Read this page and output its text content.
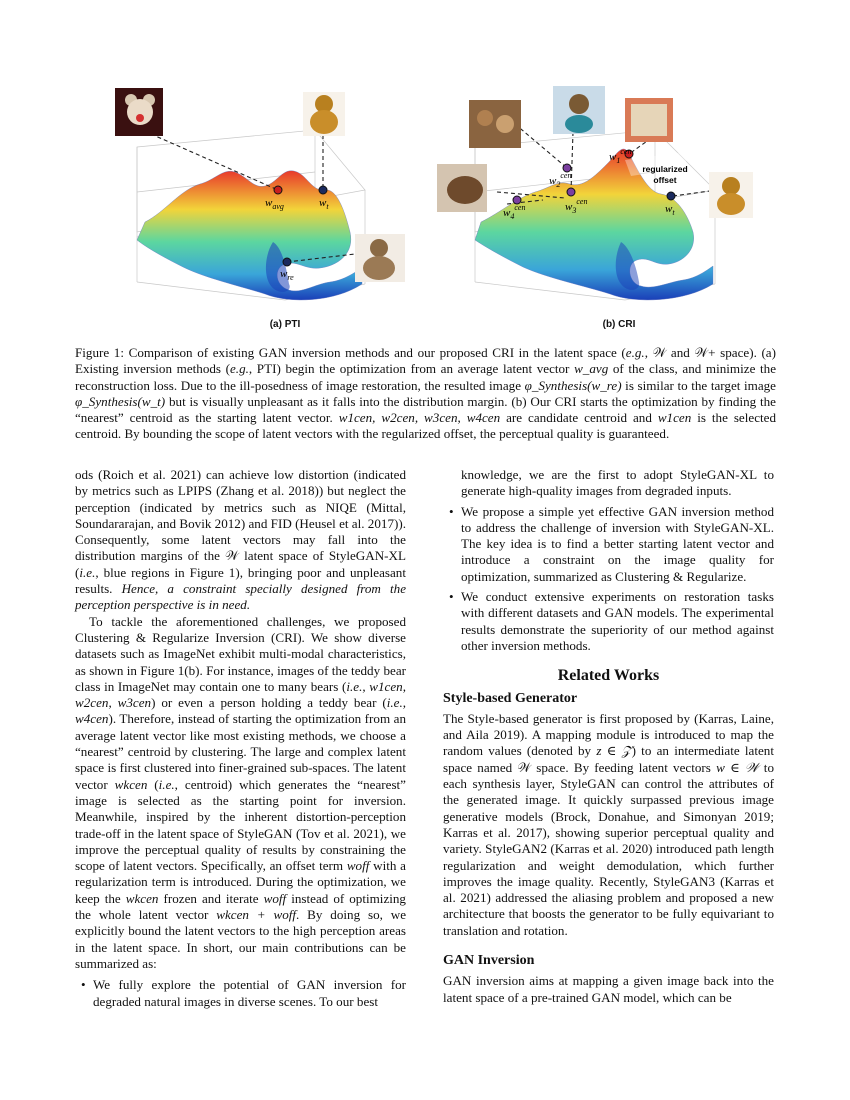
$w_{avg}$	$w_t$
$w_{re}$
(a) PTI
$w_1^{cen}$
$w_2^{cen}$
$w_3^{cen}$
$w_4^{cen}$	$w_t$
regularized
offset
(b) CRI

Figure 1: Comparison of existing GAN inversion methods and our proposed CRI in the latent space (e.g., 𝒲 and 𝒲+ space). (a) Existing inversion methods (e.g., PTI) begin the optimization from an average latent vector w_avg of the class, and minimize the reconstruction loss. Due to the ill-posedness of image restoration, the resulted image φ_Synthesis(w_re) is similar to the target image φ_Synthesis(w_t) but is visually unpleasant as it falls into the distribution margin. (b) Our CRI starts the optimization by finding the “nearest” centroid as the starting latent vector. w1cen, w2cen, w3cen, w4cen are candidate centroid and w1cen is the selected centroid. By bounding the scope of latent vectors with the regularized offset, the perceptual quality is guaranteed.

ods (Roich et al. 2021) can achieve low distortion (indicated by metrics such as LPIPS (Zhang et al. 2018)) but neglect the perception (indicated by metrics such as NIQE (Mittal, Soundararajan, and Bovik 2012) and FID (Heusel et al. 2017)). Consequently, some latent vectors may fall into the distribution margins of the 𝒲 latent space of StyleGAN-XL (i.e., blue regions in Figure 1), bringing poor and unpleasant results. Hence, a constraint specially designed from the perception perspective is in need.

To tackle the aforementioned challenges, we proposed Clustering & Regularize Inversion (CRI). We show diverse datasets such as ImageNet exhibit multi-modal characteristics, as shown in Figure 1(b). For instance, images of the teddy bear class in ImageNet may contain one to many bears (i.e., w1cen, w2cen, w3cen) or even a person holding a teddy bear (i.e., w4cen). Therefore, instead of starting the optimization from an average latent vector like most existing methods, we choose a “nearest” centroid by clustering. The large and complex latent space is first clustered into finer-grained sub-spaces. The latent vector wkcen (i.e., centroid) which generates the “nearest” image is selected as the starting point for inversion. Meanwhile, inspired by the inherent distortion-perception trade-off in the latent space of StyleGAN (Tov et al. 2021), we improve the perceptual quality of results by constraining the scope of latent vectors. Specifically, an offset term woff with a regularization term is introduced. During the optimization, we keep the wkcen frozen and iterate woff instead of optimizing the whole latent vector wkcen + woff. By doing so, we explicitly bound the latent vectors to the high perception areas in the latent space. In short, our main contributions can be summarized as:

• We fully explore the potential of GAN inversion for degraded natural images in diverse scenes. To our best
knowledge, we are the first to adopt StyleGAN-XL to generate high-quality images from degraded inputs.
• We propose a simple yet effective GAN inversion method to address the challenge of inversion with StyleGAN-XL. The key idea is to find a better starting latent vector and introduce a constraint on the image quality for optimization, summarized as Clustering & Regularize.
• We conduct extensive experiments on restoration tasks with different datasets and GAN models. The experimental results demonstrate the superiority of our method against other inversion methods.
Related Works
Style-based Generator

The Style-based generator is first proposed by (Karras, Laine, and Aila 2019). A mapping module is introduced to map the random values (denoted by z ∈ 𝒵) to an intermediate latent space named 𝒲 space. By feeding latent vectors w ∈ 𝒲 to each synthesis layer, StyleGAN can control the attributes of the generated image. It quickly surpassed previous image generative models (Brock, Donahue, and Simonyan 2019; Karras et al. 2017), showing superior perceptual quality and variety. StyleGAN2 (Karras et al. 2020) introduced path length regularization and weight demodulation, which further improves the image quality. Recently, StyleGAN3 (Karras et al. 2021) addressed the aliasing problem and proposed a new architecture that boosts the generator to be fully equivariant to translation and rotation.

GAN Inversion

GAN inversion aims at mapping a given image back into the latent space of a pre-trained GAN model, which can be
